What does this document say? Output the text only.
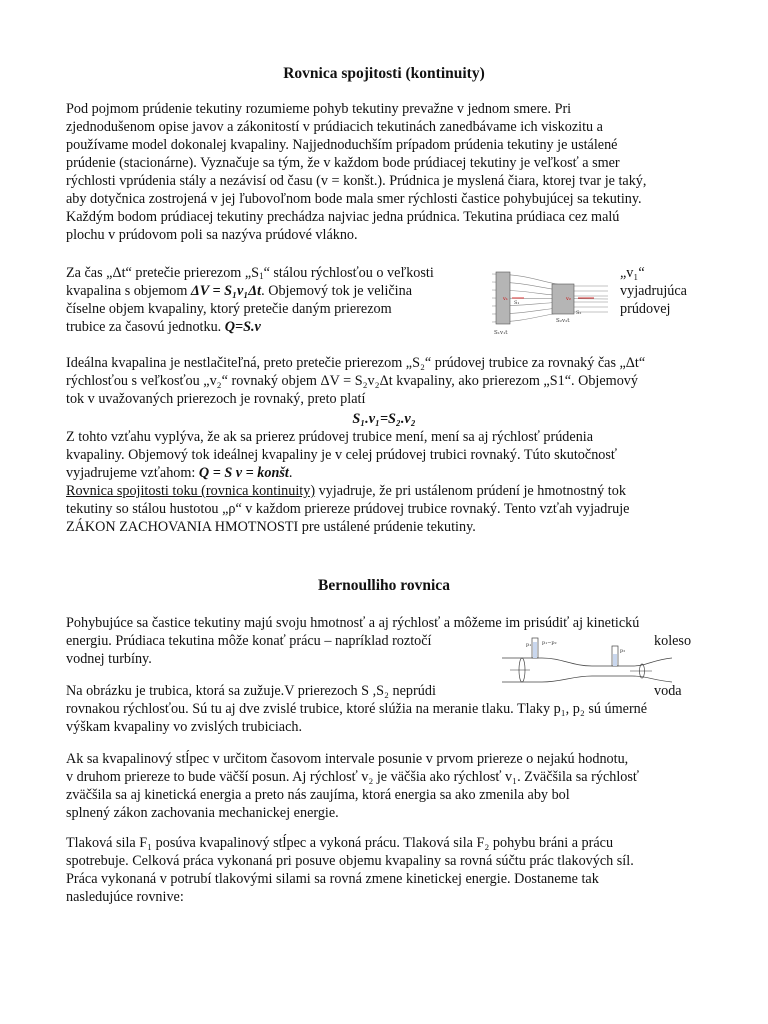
Rovnica spojitosti (kontinuity)

Pod pojmom prúdenie tekutiny rozumieme pohyb tekutiny prevažne v jednom smere. Pri
zjednodušenom opise javov a zákonitostí v prúdiacich tekutinách zanedbávame ich viskozitu a
používame model dokonalej kvapaliny. Najjednoduchším prípadom prúdenia tekutiny je ustálené
prúdenie (stacionárne). Vyznačuje sa tým, že v každom bode prúdiacej tekutiny je veľkosť a smer
rýchlosti vprúdenia stály a nezávisí od času (v = konšt.). Prúdnica je myslená čiara, ktorej tvar je taký,
aby dotyčnica zostrojená v jej ľubovoľnom bode mala smer rýchlosti častice pohybujúcej sa tekutiny.
Každým bodom prúdiacej tekutiny prechádza najviac jedna prúdnica. Tekutina prúdiaca cez malú
plochu v prúdovom poli sa nazýva prúdové vlákno.

Za čas „Δt“ pretečie prierezom $„S_1“$ stálou rýchlosťou o veľkosti
kvapalina s objemom ΔV = S₁v₁Δt. Objemový tok je veličina
číselne objem kvapaliny, ktorý pretečie daným prierezom
trubice za časovú jednotku. Q=S.v
„v₁“
vyjadrujúca
prúdovej
v₁	v₂
S₁
S₂
S₁v₁t
S₂v₂t

Ideálna kvapalina je nestlačiteľná, preto pretečie prierezom „S₂“ prúdovej trubice za rovnaký čas „Δt“
rýchlosťou s veľkosťou „v₂“ rovnaký objem ΔV = S₂v₂Δt kvapaliny, ako prierezom „S1“. Objemový
tok v uvažovaných prierezoch je rovnaký, preto platí

S₁.v₁=S₂.v₂

Z tohto vzťahu vyplýva, že ak sa prierez prúdovej trubice mení, mení sa aj rýchlosť prúdenia
kvapaliny. Objemový tok ideálnej kvapaliny je v celej prúdovej trubici rovnaký. Túto skutočnosť
vyjadrujeme vzťahom: Q = S v = konšt.
Rovnica spojitosti toku (rovnica kontinuity) vyjadruje, že pri ustálenom prúdení je hmotnostný tok
tekutiny so stálou hustotou „ρ“ v každom priereze prúdovej trubice rovnaký. Tento vzťah vyjadruje
ZÁKON ZACHOVANIA HMOTNOSTI pre ustálené prúdenie tekutiny.

Bernoulliho rovnica

Pohybujúce sa častice tekutiny majú svoju hmotnosť a aj rýchlosť a môžeme im prisúdiť aj kinetickú
energiu. Prúdiaca tekutina môže konať prácu – napríklad roztočí
vodnej turbíny.

koleso
p₁−p₂
p₁
p₂

Na obrázku je trubica, ktorá sa zužuje.V prierezoch S ,S₂ neprúdi
rovnakou rýchlosťou. Sú tu aj dve zvislé trubice, ktoré slúžia na meranie tlaku. Tlaky p₁, p₂ sú úmerné
výškam kvapaliny vo zvislých trubiciach.

voda

Ak sa kvapalinový stĺpec v určitom časovom intervale posunie v prvom priereze o nejakú hodnotu,
v druhom priereze to bude väčší posun. Aj rýchlosť v₂ je väčšia ako rýchlosť v₁. Zväčšila sa rýchlosť
zväčšila sa aj kinetická energia a preto nás zaujíma, ktorá energia sa ako zmenila aby bol
splnený zákon zachovania mechanickej energie.

Tlaková sila F₁ posúva kvapalinový stĺpec a vykoná prácu. Tlaková sila F₂ pohybu bráni a prácu
spotrebuje. Celková práca vykonaná pri posuve objemu kvapaliny sa rovná súčtu prác tlakových síl.
Práca vykonaná v potrubí tlakovými silami sa rovná zmene kinetickej energie. Dostaneme tak
nasledujúce rovnive:
